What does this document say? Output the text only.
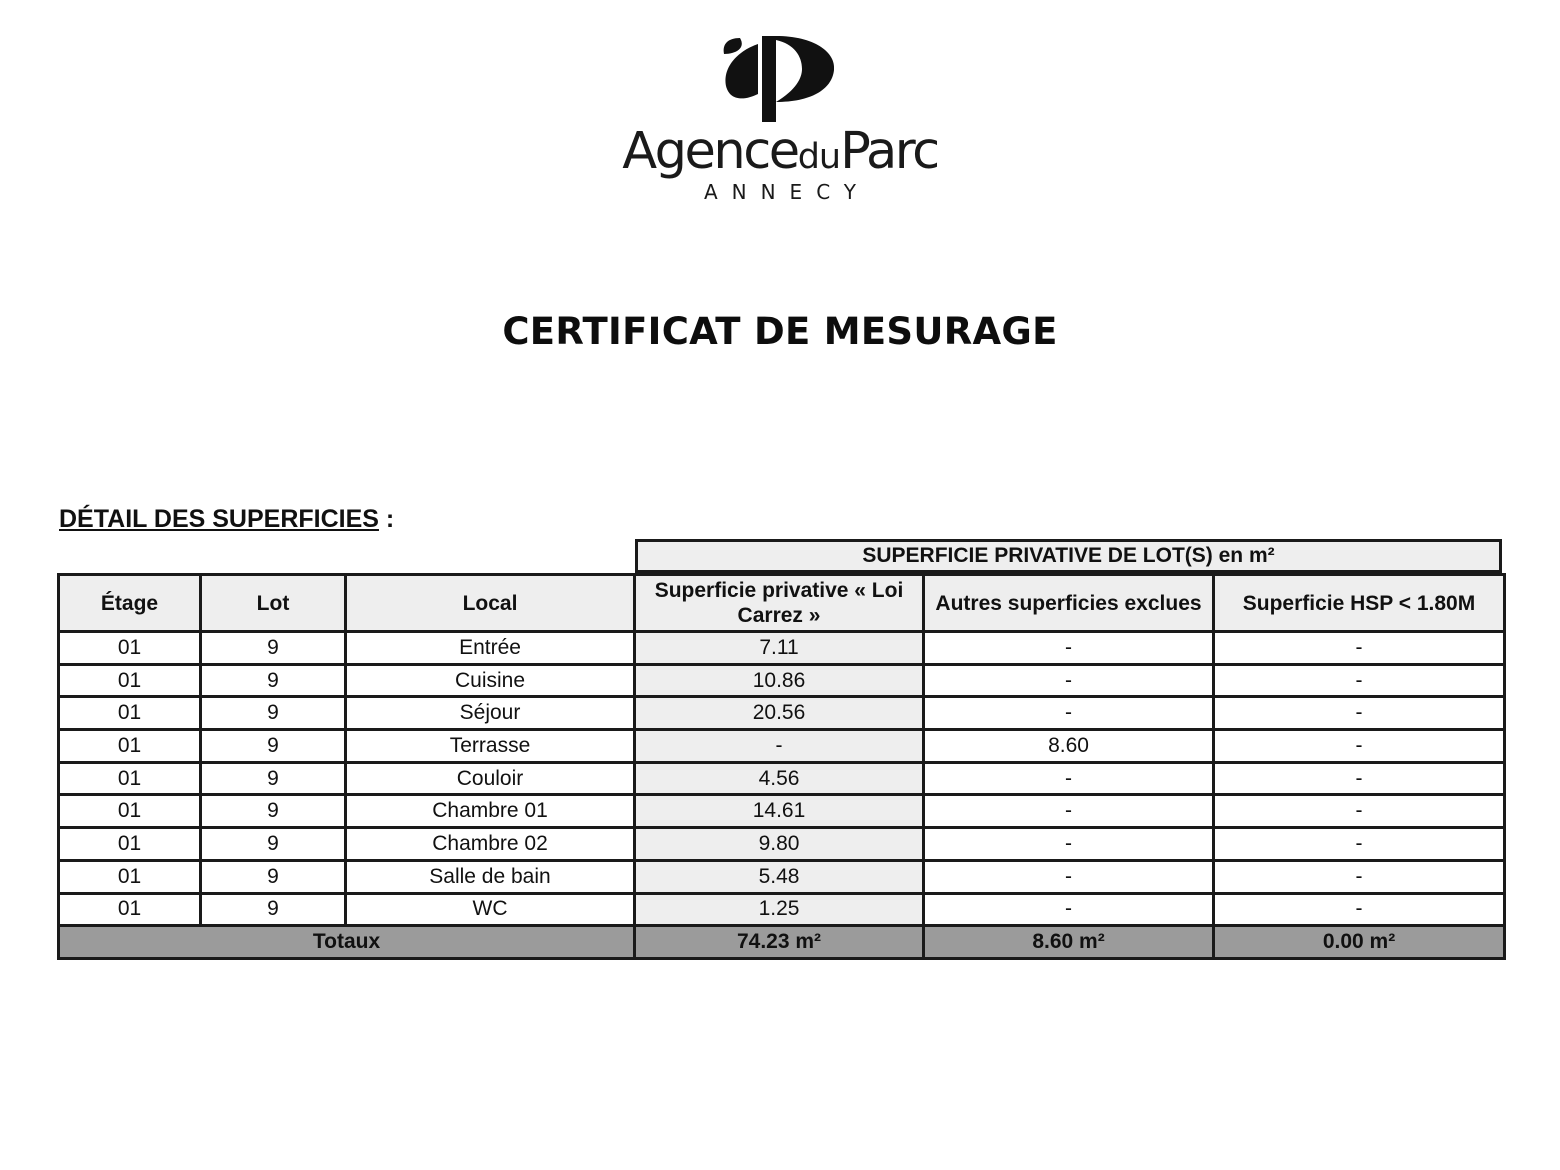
AgenceduParc
ANNECY
CERTIFICAT DE MESURAGE
DÉTAIL DES SUPERFICIES :
SUPERFICIE PRIVATIVE DE LOT(S) en m²
Étage	Lot	Local	Superficie privative « Loi Carrez »	Autres superficies exclues	Superficie HSP < 1.80M
01	9	Entrée	7.11	-	-
01	9	Cuisine	10.86	-	-
01	9	Séjour	20.56	-	-
01	9	Terrasse	-	8.60	-
01	9	Couloir	4.56	-	-
01	9	Chambre 01	14.61	-	-
01	9	Chambre 02	9.80	-	-
01	9	Salle de bain	5.48	-	-
01	9	WC	1.25	-	-
Totaux			74.23 m²	8.60 m²	0.00 m²
